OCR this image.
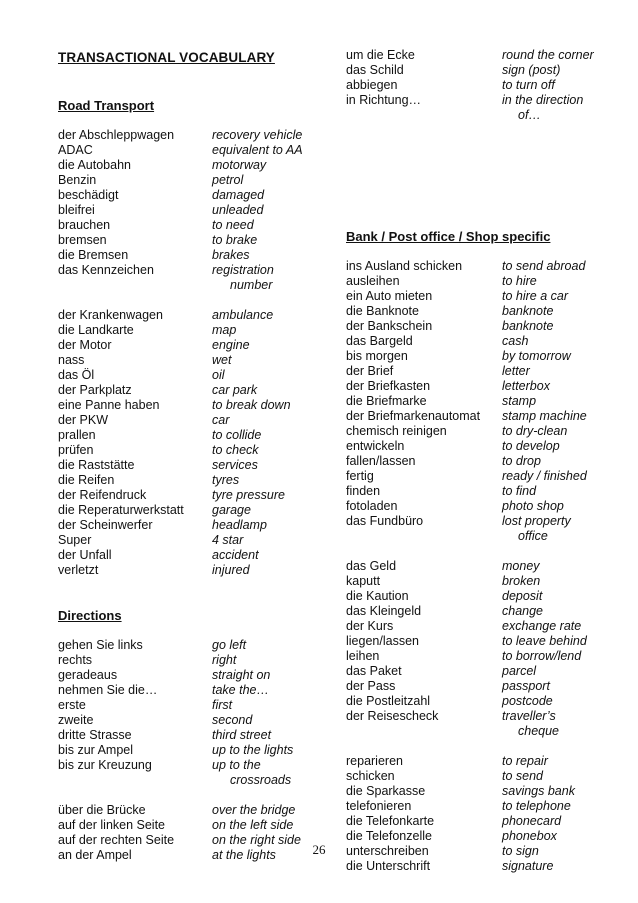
TRANSACTIONAL VOCABULARY
Road Transport
der Abschleppwagen	recovery vehicle
ADAC	equivalent to AA
die Autobahn	motorway
Benzin	petrol
beschädigt	damaged
bleifrei	unleaded
brauchen	to need
bremsen	to brake
die Bremsen	brakes
das Kennzeichen	registration
number
der Krankenwagen	ambulance
die Landkarte	map
der Motor	engine
nass	wet
das Öl	oil
der Parkplatz	car park
eine Panne haben	to break down
der PKW	car
prallen	to collide
prüfen	to check
die Raststätte	services
die Reifen	tyres
der Reifendruck	tyre pressure
die Reperaturwerkstatt	garage
der Scheinwerfer	headlamp
Super	4 star
der Unfall	accident
verletzt	injured
Directions
gehen Sie links	go left
rechts	right
geradeaus	straight on
nehmen Sie die…	take the…
erste	first
zweite	second
dritte Strasse	third street
bis zur Ampel	up to the lights
bis zur Kreuzung	up to the
crossroads
über die Brücke	over the bridge
auf der linken Seite	on the left side
auf der rechten Seite	on the right side
an der Ampel	at the lights
um die Ecke	round the corner
das Schild	sign (post)
abbiegen	to turn off
in Richtung…	in the direction
of…
Bank / Post office / Shop specific
ins Ausland schicken	to send abroad
ausleihen	to hire
ein Auto mieten	to hire a car
die Banknote	banknote
der Bankschein	banknote
das Bargeld	cash
bis morgen	by tomorrow
der Brief	letter
der Briefkasten	letterbox
die Briefmarke	stamp
der Briefmarkenautomat	stamp machine
chemisch reinigen	to dry-clean
entwickeln	to develop
fallen/lassen	to drop
fertig	ready / finished
finden	to find
fotoladen	photo shop
das Fundbüro	lost property
office
das Geld	money
kaputt	broken
die Kaution	deposit
das Kleingeld	change
der Kurs	exchange rate
liegen/lassen	to leave behind
leihen	to borrow/lend
das Paket	parcel
der Pass	passport
die Postleitzahl	postcode
der Reisescheck	traveller’s
cheque
reparieren	to repair
schicken	to send
die Sparkasse	savings bank
telefonieren	to telephone
die Telefonkarte	phonecard
die Telefonzelle	phonebox
unterschreiben	to sign
die Unterschrift	signature
26
